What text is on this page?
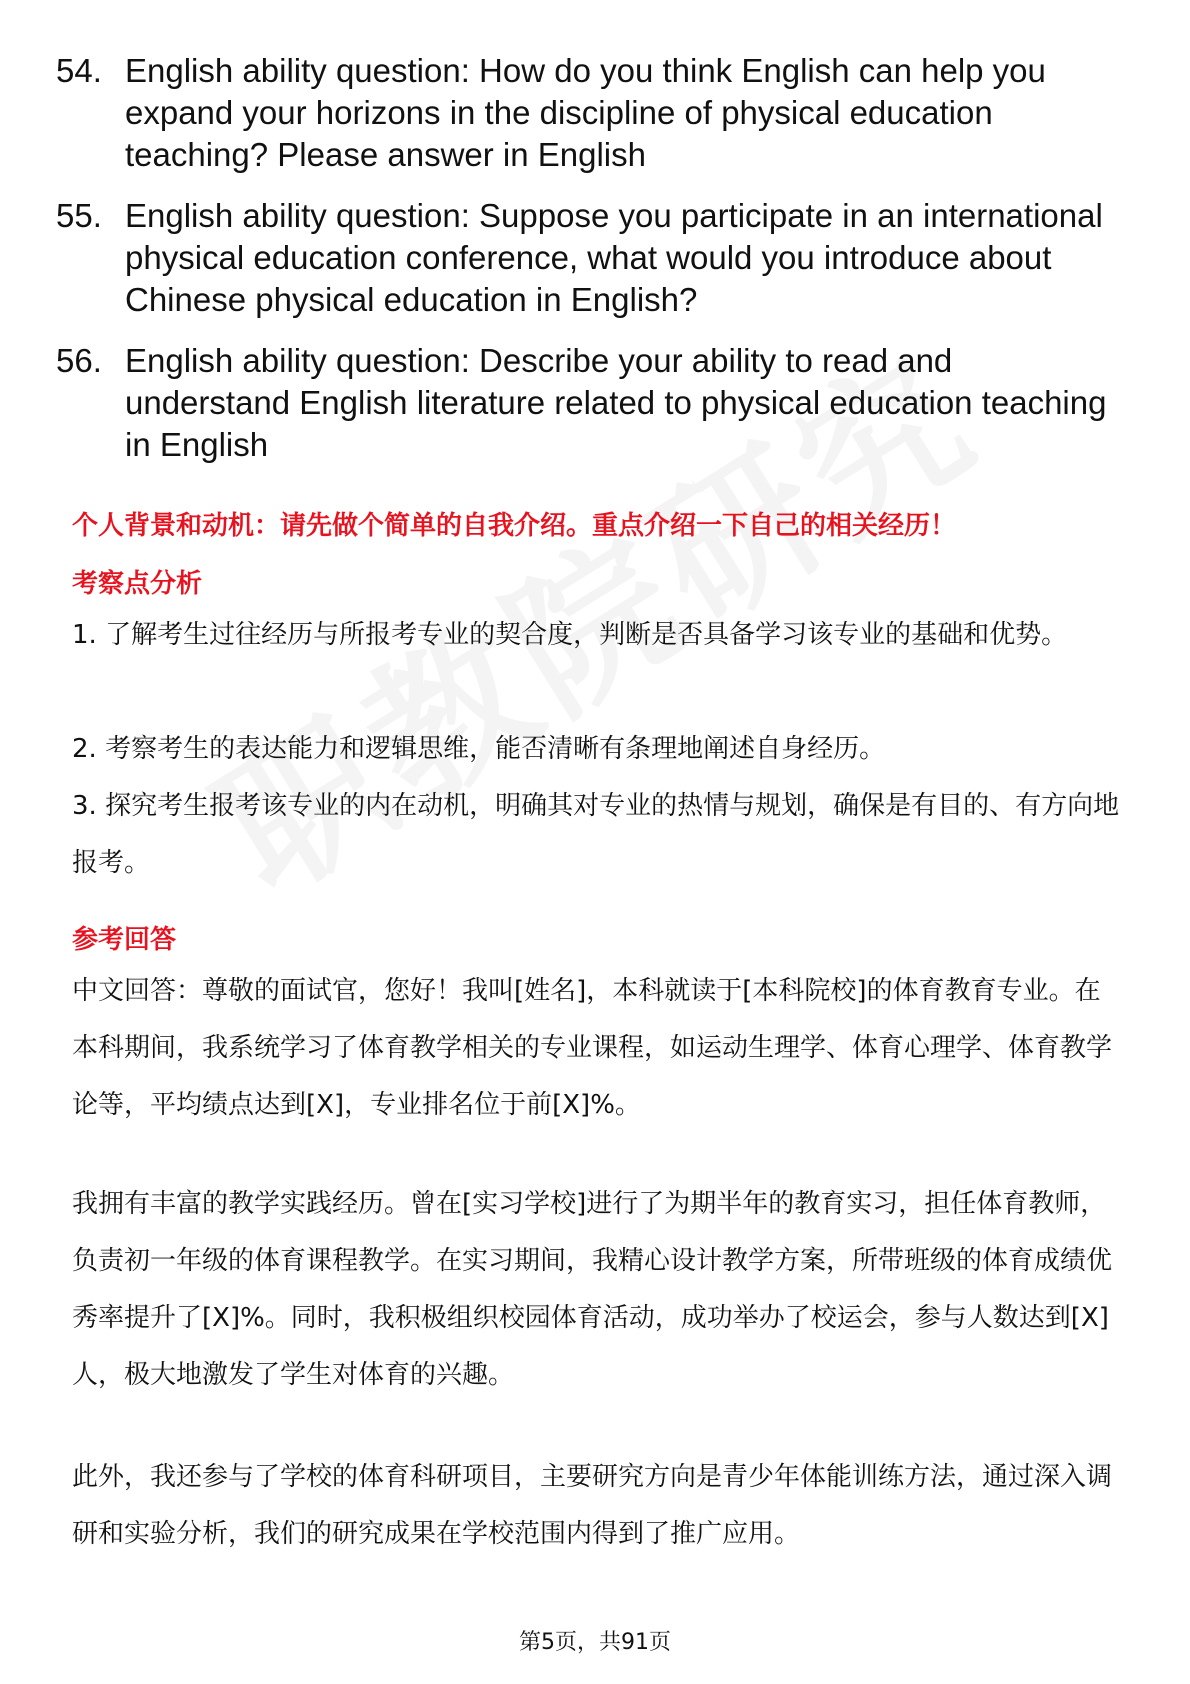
54. English ability question: How do you think English can help you expand your horizons in the discipline of physical education teaching? Please answer in English
55. English ability question: Suppose you participate in an international physical education conference, what would you introduce about Chinese physical education in English?
56. English ability question: Describe your ability to read and understand English literature related to physical education teaching in English
个人背景和动机：请先做个简单的自我介绍。重点介绍一下自己的相关经历！
考察点分析
1. 了解考生过往经历与所报考专业的契合度，判断是否具备学习该专业的基础和优势。
2. 考察考生的表达能力和逻辑思维，能否清晰有条理地阐述自身经历。
3. 探究考生报考该专业的内在动机，明确其对专业的热情与规划，确保是有目的、有方向地报考。
参考回答
中文回答：尊敬的面试官，您好！我叫[姓名]，本科就读于[本科院校]的体育教育专业。在本科期间，我系统学习了体育教学相关的专业课程，如运动生理学、体育心理学、体育教学论等，平均绩点达到[X]，专业排名位于前[X]%。
我拥有丰富的教学实践经历。曾在[实习学校]进行了为期半年的教育实习，担任体育教师，负责初一年级的体育课程教学。在实习期间，我精心设计教学方案，所带班级的体育成绩优秀率提升了[X]%。同时，我积极组织校园体育活动，成功举办了校运会，参与人数达到[X]人，极大地激发了学生对体育的兴趣。
此外，我还参与了学校的体育科研项目，主要研究方向是青少年体能训练方法，通过深入调研和实验分析，我们的研究成果在学校范围内得到了推广应用。
第5页，共91页
